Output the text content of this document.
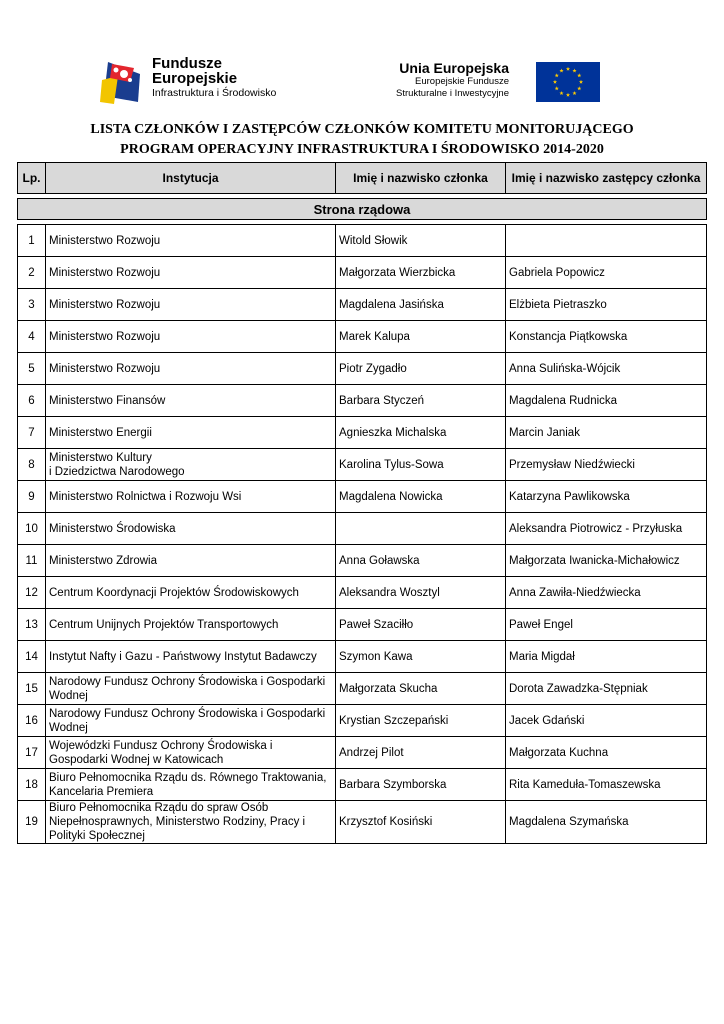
Fundusze
Europejskie
Infrastruktura i Środowisko
Unia Europejska
Europejskie Fundusze
Strukturalne i Inwestycyjne
LISTA CZŁONKÓW I ZASTĘPCÓW CZŁONKÓW KOMITETU MONITORUJĄCEGO
PROGRAM OPERACYJNY INFRASTRUKTURA I ŚRODOWISKO 2014-2020
Lp.	Instytucja	Imię i nazwisko członka	Imię i nazwisko zastępcy członka

Strona rządowa			

1	Ministerstwo Rozwoju	Witold Słowik	
2	Ministerstwo Rozwoju	Małgorzata Wierzbicka	Gabriela Popowicz
3	Ministerstwo Rozwoju	Magdalena Jasińska	Elżbieta Pietraszko
4	Ministerstwo Rozwoju	Marek Kalupa	Konstancja Piątkowska
5	Ministerstwo Rozwoju	Piotr Zygadło	Anna Sulińska-Wójcik
6	Ministerstwo Finansów	Barbara Styczeń	Magdalena Rudnicka
7	Ministerstwo Energii	Agnieszka Michalska	Marcin Janiak
8	Ministerstwo Kultury
i Dziedzictwa Narodowego	Karolina Tylus-Sowa	Przemysław Niedźwiecki
9	Ministerstwo Rolnictwa i Rozwoju Wsi	Magdalena Nowicka	Katarzyna Pawlikowska
10	Ministerstwo Środowiska		Aleksandra Piotrowicz - Przyłuska
11	Ministerstwo Zdrowia	Anna Goławska	Małgorzata Iwanicka-Michałowicz
12	Centrum Koordynacji Projektów Środowiskowych	Aleksandra Wosztyl	Anna Zawiła-Niedźwiecka
13	Centrum Unijnych Projektów Transportowych	Paweł Szaciłło	Paweł Engel
14	Instytut Nafty i Gazu - Państwowy Instytut Badawczy	Szymon Kawa	Maria Migdał
15	Narodowy Fundusz Ochrony Środowiska i Gospodarki Wodnej	Małgorzata Skucha	Dorota Zawadzka-Stępniak
16	Narodowy Fundusz Ochrony Środowiska i Gospodarki Wodnej	Krystian Szczepański	Jacek Gdański
17	Wojewódzki Fundusz Ochrony Środowiska i Gospodarki Wodnej w Katowicach	Andrzej Pilot	Małgorzata Kuchna
18	Biuro Pełnomocnika Rządu ds. Równego Traktowania, Kancelaria Premiera	Barbara Szymborska	Rita Kameduła-Tomaszewska
19	Biuro Pełnomocnika Rządu do spraw Osób Niepełnosprawnych, Ministerstwo Rodziny, Pracy i Polityki Społecznej	Krzysztof Kosiński	Magdalena Szymańska
